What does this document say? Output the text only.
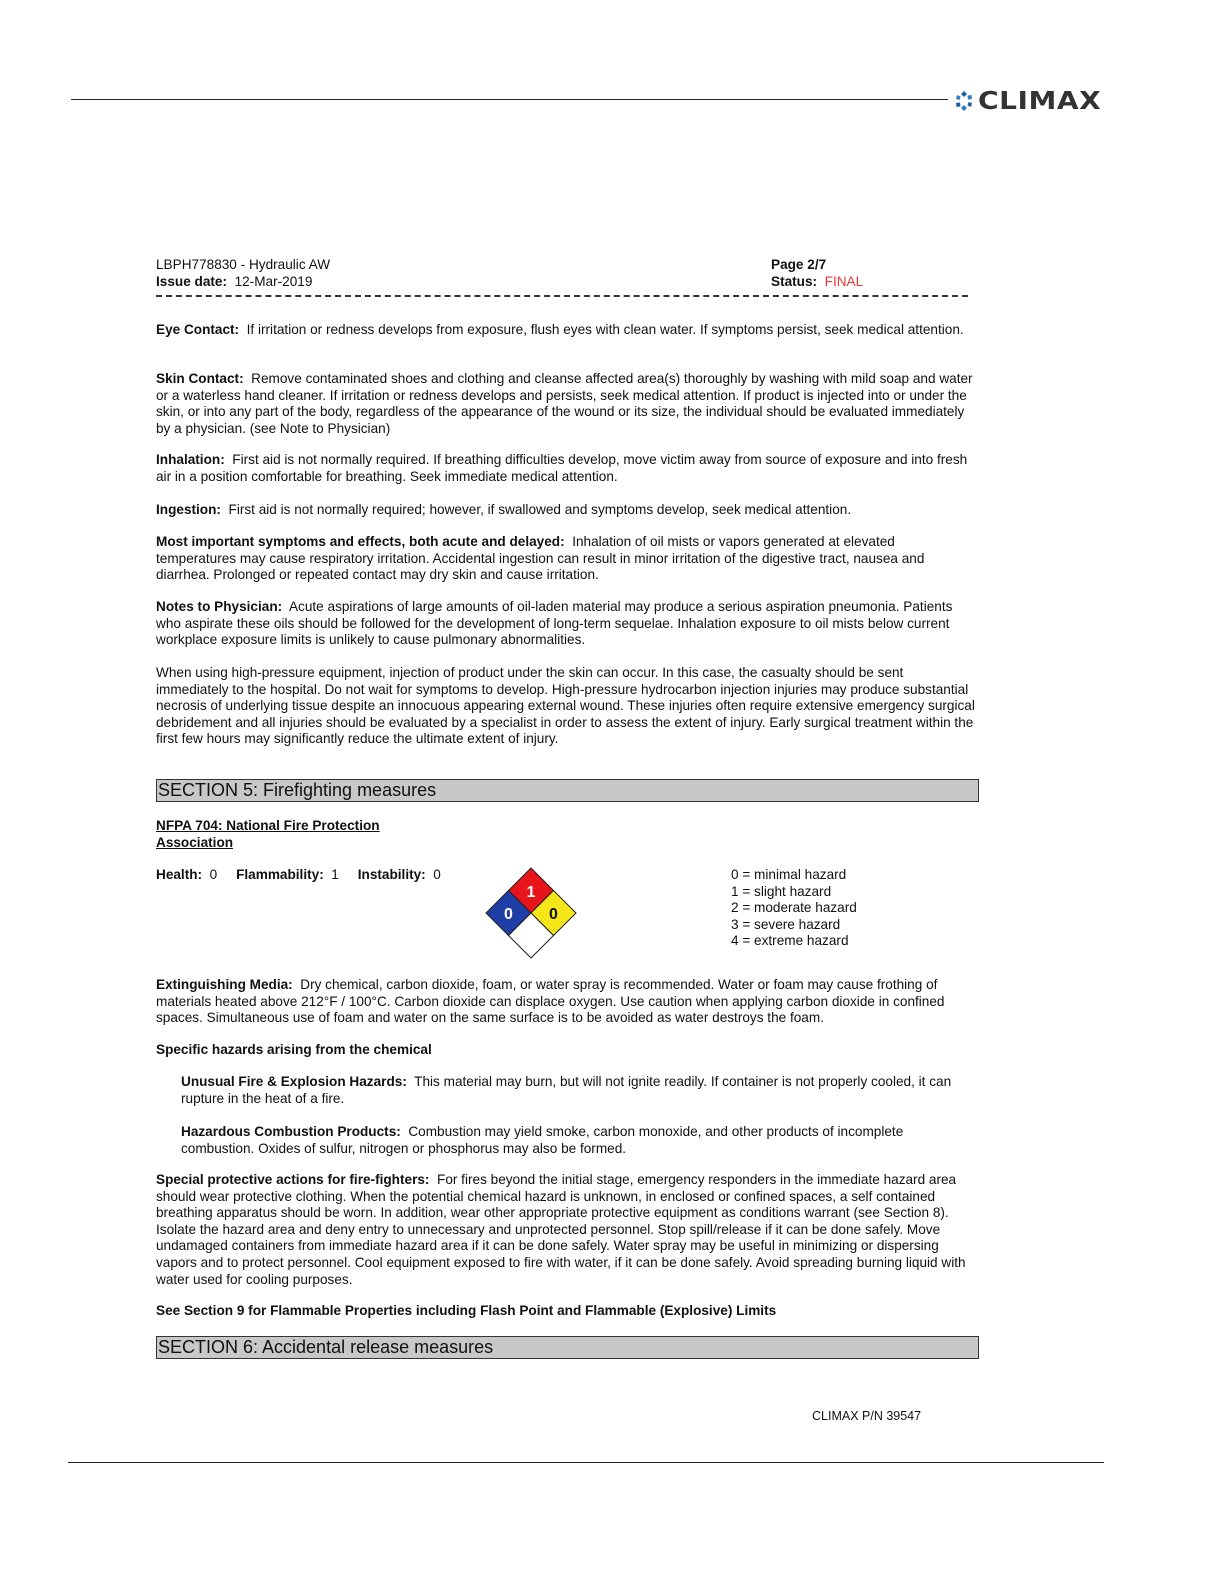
CLIMAX
LBPH778830 - Hydraulic AW
Issue date: 12-Mar-2019
Page 2/7
Status: FINAL

Eye Contact: If irritation or redness develops from exposure, flush eyes with clean water. If symptoms persist, seek medical attention.

Skin Contact: Remove contaminated shoes and clothing and cleanse affected area(s) thoroughly by washing with mild soap and water or a waterless hand cleaner. If irritation or redness develops and persists, seek medical attention. If product is injected into or under the skin, or into any part of the body, regardless of the appearance of the wound or its size, the individual should be evaluated immediately by a physician. (see Note to Physician)

Inhalation: First aid is not normally required. If breathing difficulties develop, move victim away from source of exposure and into fresh air in a position comfortable for breathing. Seek immediate medical attention.

Ingestion: First aid is not normally required; however, if swallowed and symptoms develop, seek medical attention.

Most important symptoms and effects, both acute and delayed: Inhalation of oil mists or vapors generated at elevated temperatures may cause respiratory irritation. Accidental ingestion can result in minor irritation of the digestive tract, nausea and diarrhea. Prolonged or repeated contact may dry skin and cause irritation.

Notes to Physician: Acute aspirations of large amounts of oil-laden material may produce a serious aspiration pneumonia. Patients who aspirate these oils should be followed for the development of long-term sequelae. Inhalation exposure to oil mists below current workplace exposure limits is unlikely to cause pulmonary abnormalities.

When using high-pressure equipment, injection of product under the skin can occur. In this case, the casualty should be sent immediately to the hospital. Do not wait for symptoms to develop. High-pressure hydrocarbon injection injuries may produce substantial necrosis of underlying tissue despite an innocuous appearing external wound. These injuries often require extensive emergency surgical debridement and all injuries should be evaluated by a specialist in order to assess the extent of injury. Early surgical treatment within the first few hours may significantly reduce the ultimate extent of injury.

SECTION 5: Firefighting measures
NFPA 704: National Fire Protection Association
Health: 0 Flammability: 1 Instability: 0
1
0 0
0 = minimal hazard
1 = slight hazard
2 = moderate hazard
3 = severe hazard
4 = extreme hazard

Extinguishing Media: Dry chemical, carbon dioxide, foam, or water spray is recommended. Water or foam may cause frothing of materials heated above 212°F / 100°C. Carbon dioxide can displace oxygen. Use caution when applying carbon dioxide in confined spaces. Simultaneous use of foam and water on the same surface is to be avoided as water destroys the foam.

Specific hazards arising from the chemical

Unusual Fire & Explosion Hazards: This material may burn, but will not ignite readily. If container is not properly cooled, it can rupture in the heat of a fire.

Hazardous Combustion Products: Combustion may yield smoke, carbon monoxide, and other products of incomplete combustion. Oxides of sulfur, nitrogen or phosphorus may also be formed.

Special protective actions for fire-fighters: For fires beyond the initial stage, emergency responders in the immediate hazard area should wear protective clothing. When the potential chemical hazard is unknown, in enclosed or confined spaces, a self contained breathing apparatus should be worn. In addition, wear other appropriate protective equipment as conditions warrant (see Section 8). Isolate the hazard area and deny entry to unnecessary and unprotected personnel. Stop spill/release if it can be done safely. Move undamaged containers from immediate hazard area if it can be done safely. Water spray may be useful in minimizing or dispersing vapors and to protect personnel. Cool equipment exposed to fire with water, if it can be done safely. Avoid spreading burning liquid with water used for cooling purposes.

See Section 9 for Flammable Properties including Flash Point and Flammable (Explosive) Limits

SECTION 6: Accidental release measures
CLIMAX P/N 39547
